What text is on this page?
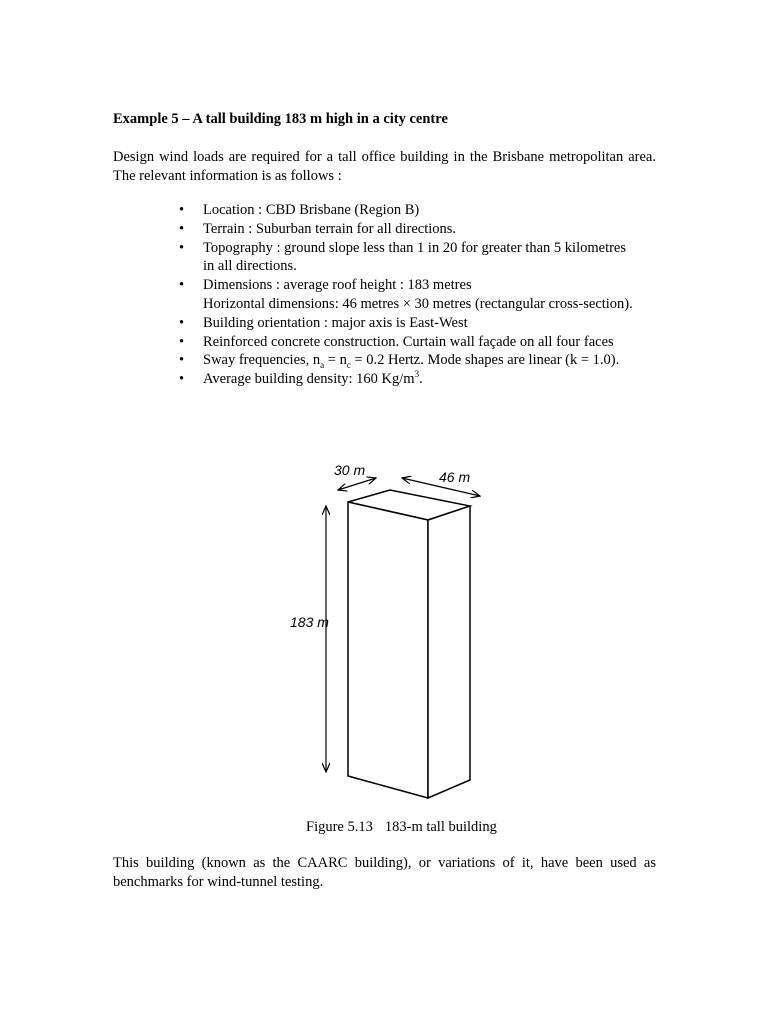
Example 5 – A tall building 183 m high in a city centre
Design wind loads are required for a tall office building in the Brisbane metropolitan area. The relevant information is as follows :
• Location : CBD Brisbane (Region B)
• Terrain : Suburban terrain for all directions.
• Topography : ground slope less than 1 in 20 for greater than 5 kilometres
in all directions.
• Dimensions : average roof height : 183 metres
Horizontal dimensions: 46 metres × 30 metres (rectangular cross-section).
• Building orientation : major axis is East-West
• Reinforced concrete construction. Curtain wall façade on all four faces
• Sway frequencies, $n_a = n_c = 0.2$ Hertz. Mode shapes are linear (k = 1.0).
• Average building density: 160 $Kg/m^3$.
30 m	46 m
183 m
Figure 5.13 183-m tall building
This building (known as the CAARC building), or variations of it, have been used as benchmarks for wind-tunnel testing.
